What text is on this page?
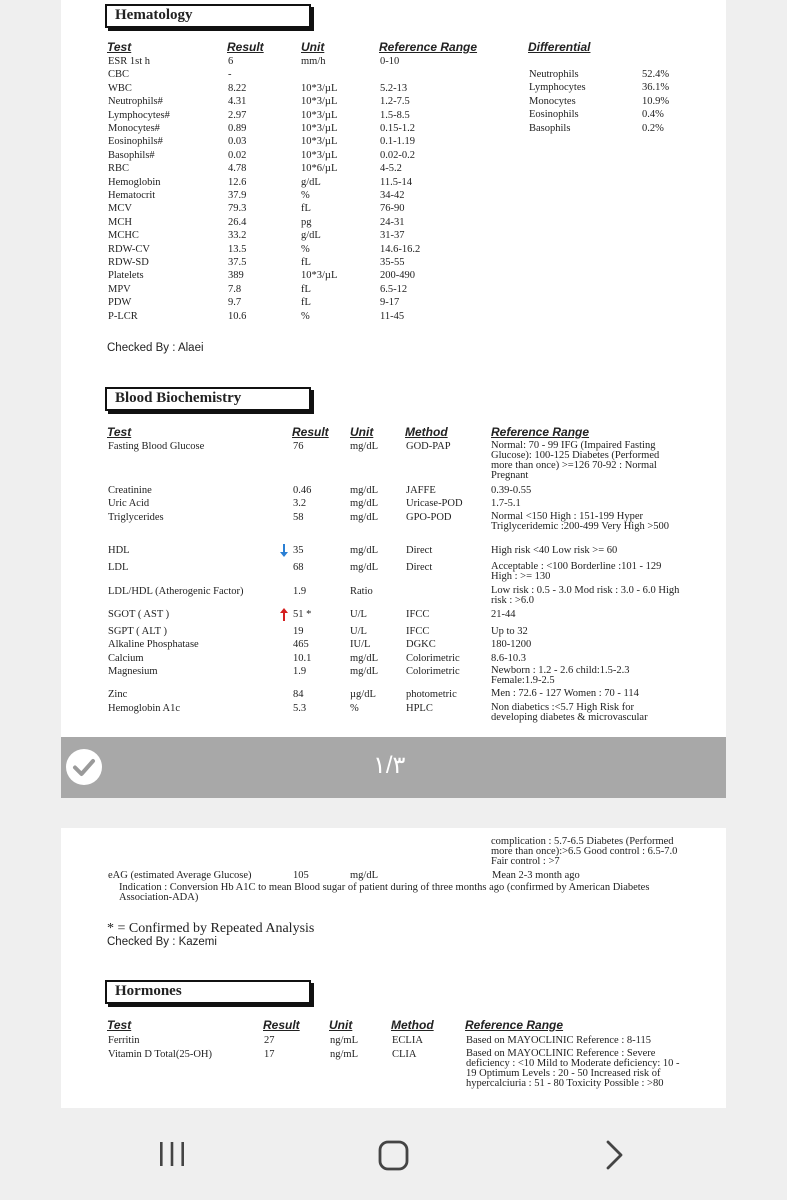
Hematology
Test	Result	Unit	Reference Range	Differential
ESR 1st h	6	mm/h	0-10
CBC	-
WBC	8.22	10*3/µL	5.2-13
Neutrophils#	4.31	10*3/µL	1.2-7.5
Lymphocytes#	2.97	10*3/µL	1.5-8.5
Monocytes#	0.89	10*3/µL	0.15-1.2
Eosinophils#	0.03	10*3/µL	0.1-1.19
Basophils#	0.02	10*3/µL	0.02-0.2
RBC	4.78	10*6/µL	4-5.2
Hemoglobin	12.6	g/dL	11.5-14
Hematocrit	37.9	%	34-42
MCV	79.3	fL	76-90
MCH	26.4	pg	24-31
MCHC	33.2	g/dL	31-37
RDW-CV	13.5	%	14.6-16.2
RDW-SD	37.5	fL	35-55
Platelets	389	10*3/µL	200-490
MPV	7.8	fL	6.5-12
PDW	9.7	fL	9-17
P-LCR	10.6	%	11-45
Neutrophils	52.4%
Lymphocytes	36.1%
Monocytes	10.9%
Eosinophils	0.4%
Basophils	0.2%
Checked By : Alaei
Blood Biochemistry
Test	Result Unit	Method	Reference Range
Fasting Blood Glucose	76	mg/dL	GOD-PAP	Normal: 70 - 99 IFG (Impaired Fasting Glucose): 100-125 Diabetes (Performed more than once) >=126 70-92 : Normal Pregnant
Creatinine	0.46	mg/dL	JAFFE	0.39-0.55
Uric Acid	3.2	mg/dL	Uricase-POD	1.7-5.1
Triglycerides	58	mg/dL	GPO-POD	Normal <150 High : 151-199 Hyper Triglyceridemic :200-499 Very High >500
HDL	35	mg/dL	Direct	High risk <40 Low risk >= 60
LDL	68	mg/dL	Direct	Acceptable : <100 Borderline :101 - 129 High : >= 130
LDL/HDL (Atherogenic Factor)	1.9	Ratio	Low risk : 0.5 - 3.0 Mod risk : 3.0 - 6.0 High risk : >6.0
SGOT ( AST )	51 *	U/L	IFCC	21-44
SGPT ( ALT )	19	U/L	IFCC	Up to 32
Alkaline Phosphatase	465	IU/L	DGKC	180-1200
Calcium	10.1	mg/dL	Colorimetric	8.6-10.3
Magnesium	1.9	mg/dL	Colorimetric	Newborn : 1.2 - 2.6 child:1.5-2.3 Female:1.9-2.5
Zinc	84	µg/dL	photometric	Men : 72.6 - 127 Women : 70 - 114
Hemoglobin A1c	5.3	%	HPLC	Non diabetics :<5.7 High Risk for developing diabetes & microvascular
۱/۳
complication : 5.7-6.5 Diabetes (Performed more than once):>6.5 Good control : 6.5-7.0 Fair control : >7
eAG (estimated Average Glucose)	105	mg/dL	Mean 2-3 month ago
Indication : Conversion Hb A1C to mean Blood sugar of patient during of three months ago (confirmed by American Diabetes Association-ADA)
* = Confirmed by Repeated Analysis
Checked By : Kazemi
Hormones
Test	Result Unit	Method	Reference Range
Ferritin	27	ng/mL	ECLIA	Based on MAYOCLINIC Reference : 8-115
Vitamin D Total(25-OH)	17	ng/mL	CLIA	Based on MAYOCLINIC Reference : Severe deficiency : <10 Mild to Moderate deficiency: 10 - 19 Optimum Levels : 20 - 50 Increased risk of hypercalciuria : 51 - 80 Toxicity Possible : >80
